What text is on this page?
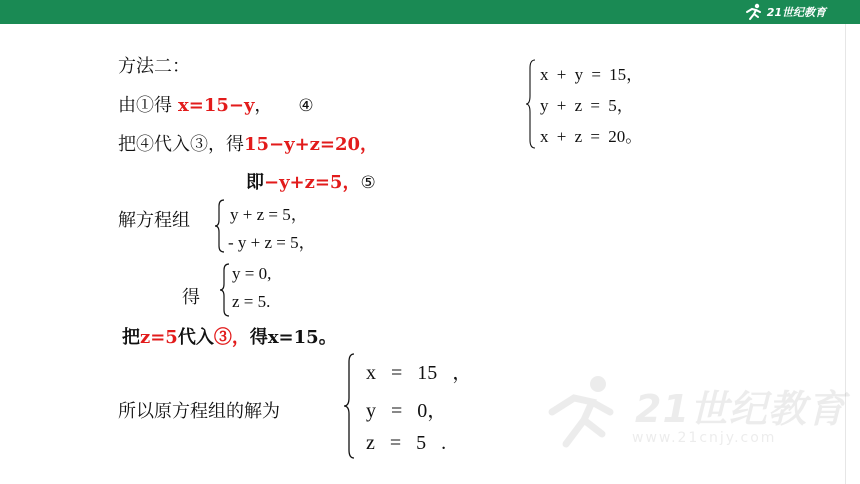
21世纪教育
方法二：
由①得 x=15−y， ④
把④代入③，得15−y+z=20，
即−y+z=5，⑤
解方程组 y + z = 5，
- y + z = 5，
得
y = 0,
z = 5.
把z=5代入③，得x=15。
所以原方程组的解为
x = 15 ，
y = 0，
z = 5 .
x + y = 15，
y + z = 5，
x + z = 20。
21世纪教育
www.21cnjy.com
